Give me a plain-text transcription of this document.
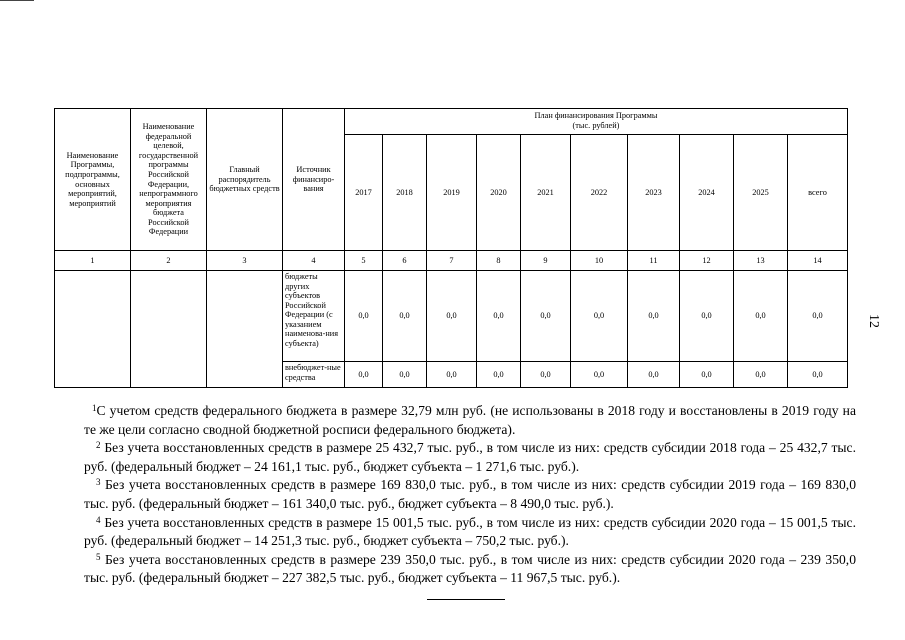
Наименование Программы, подпрограммы, основных мероприятий, мероприятий	Наименование федеральной целевой, государственной программы Российской Федерации, непрограммного мероприятия бюджета Российской Федерации	Главный распорядитель бюджетных средств	Источник финансиро-вания	План финансирования Программы
(тыс. рублей)									

				2017	2018	2019	2020	2021	2022	2023	2024	2025	всего
1	2	3	4	5	6	7	8	9	10	11	12	13	14
			бюджеты других субъектов Российской Федерации (с указанием наименова-ния субъекта)	0,0	0,0	0,0	0,0	0,0	0,0	0,0	0,0	0,0	0,0
			внебюджет-ные средства	0,0	0,0	0,0	0,0	0,0	0,0	0,0	0,0	0,0	0,0
12

$^1$С учетом средств федерального бюджета в размере 32,79 млн руб. (не использованы в 2018 году и восстановлены в 2019 году на те же цели согласно сводной бюджетной росписи федерального бюджета).

$^2$ Без учета восстановленных средств в размере 25 432,7 тыс. руб., в том числе из них: средств субсидии 2018 года – 25 432,7 тыс. руб. (федеральный бюджет – 24 161,1 тыс. руб., бюджет субъекта – 1 271,6 тыс. руб.).

$^3$ Без учета восстановленных средств в размере 169 830,0 тыс. руб., в том числе из них: средств субсидии 2019 года – 169 830,0 тыс. руб. (федеральный бюджет – 161 340,0 тыс. руб., бюджет субъекта – 8 490,0 тыс. руб.).

$^4$ Без учета восстановленных средств в размере 15 001,5 тыс. руб., в том числе из них: средств субсидии 2020 года – 15 001,5 тыс. руб. (федеральный бюджет – 14 251,3 тыс. руб., бюджет субъекта – 750,2 тыс. руб.).

$^5$ Без учета восстановленных средств в размере 239 350,0 тыс. руб., в том числе из них: средств субсидии 2020 года – 239 350,0 тыс. руб. (федеральный бюджет – 227 382,5 тыс. руб., бюджет субъекта – 11 967,5 тыс. руб.).
